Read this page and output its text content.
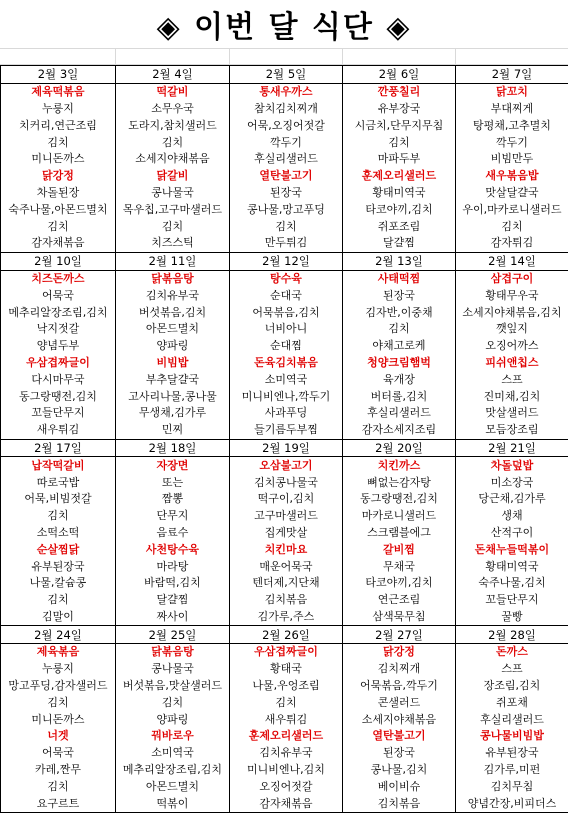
◈ 이번 달 식단 ◈
2월 3일	2월 4일	2월 5일	2월 6일	2월 7일
제육떡볶음	떡갈비	통새우까스	깐풍칠리	닭꼬치
누룽지	소무우국	참치김치찌개	유부장국	부대찌게
치커리,연근조림	도라지,참치샐러드	어묵,오징어젓갈	시금치,단무지무침	탕평채,고추멸치
김치	김치	깍두기	김치	깍두기
미니돈까스	소세지야채볶음	후실리샐러드	마파두부	비빔만두
닭강정	닭갈비	열탄불고기	훈제오리샐러드	새우볶음밥
차돌된장	콩나물국	된장국	황태미역국	맛살달걀국
숙주나물,아몬드멸치	목우칩,고구마샐러드	콩나물,망고푸딩	타코야끼,김치	우이,마카로니샐러드
김치	김치	김치	쥐포조림	김치
감자채볶음	치즈스틱	만두튀김	달걀찜	감자튀김
2월 10일	2월 11일	2월 12일	2월 13일	2월 14일
치즈돈까스	닭볶음탕	탕수육	사태떡찜	삼겹구이
어묵국	김치유부국	순대국	된장국	황태무우국
메추리알장조림,김치	버섯볶음,김치	어묵볶음,김치	김자반,이중채	소세지야채볶음,김치
낙지젓갈	아몬드멸치	너비아니	김치	깻잎지
양념두부	양파링	순대찜	야채고로케	오징어까스
우삼겹짜글이	비빔밥	돈육김치볶음	청양크림햄벅	피쉬앤칩스
다시마무국	부추달걀국	소미역국	육개장	스프
동그랑땡전,김치	고사리나물,콩나물	미니비엔나,깍두기	버터롤,김치	진미채,김치
꼬들단무지	무생채,김가루	사과푸딩	후실리샐러드	맛살샐러드
새우튀김	민찌	들기름두부찜	감자소세지조림	모듬장조림
2월 17일	2월 18일	2월 19일	2월 20일	2월 21일
납작떡갈비	자장면	오삼불고기	치킨까스	차돌덮밥
따로국밥	또는	김치콩나물국	뼈없는감자탕	미소장국
어묵,비빔젓갈	짬뽕	떡구이,김치	동그랑땡전,김치	당근채,김가루
김치	단무지	고구마샐러드	마카로니샐러드	생채
소떡소떡	음료수	집게맛살	스크램블에그	산적구이
순살찜닭	사천탕수육	치킨마요	갈비찜	돈채누들떡볶이
유부된장국	마라탕	매운어묵국	무채국	황태미역국
나물,칼슘콩	바람떡,김치	텐더제,지단채	타코야끼,김치	숙주나물,김치
김치	달걀찜	김치볶음	연근조림	꼬들단무지
김말이	짜사이	김가루,주스	삼색묵무침	꿀빵
2월 24일	2월 25일	2월 26일	2월 27일	2월 28일
제육볶음	닭볶음탕	우삼겹짜글이	닭강정	돈까스
누룽지	콩나물국	황태국	김치찌개	스프
망고푸딩,감자샐러드	버섯볶음,맛살샐러드	나물,우엉조림	어묵볶음,깍두기	장조림,김치
김치	김치	김치	콘샐러드	쥐포채
미니돈까스	양파링	새우튀김	소세지야채볶음	후실리샐러드
너겟	꿔바로우	훈제오리샐러드	열탄불고기	콩나물비빔밥
어묵국	소미역국	김치유부국	된장국	유부된장국
카레,짠무	메추리알장조림,김치	미니비엔나,김치	콩나물,김치	김가루,미펀
김치	아몬드멸치	오징어젓갈	베이비슈	김치무침
요구르트	떡볶이	감자채볶음	김치볶음	양념간장,비피더스
